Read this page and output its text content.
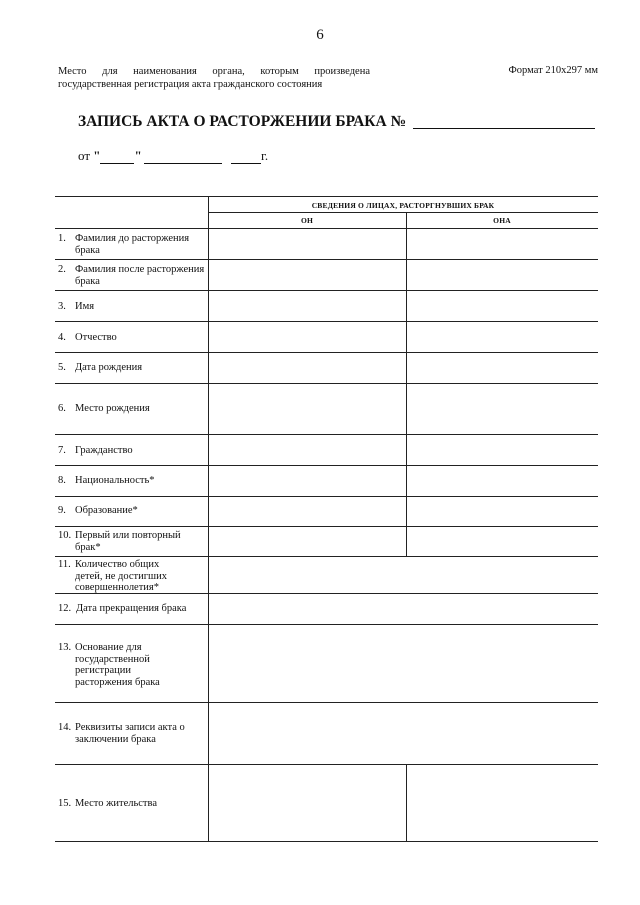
6
Место для наименования органа, которым произведена государственная регистрация акта гражданского состояния
Формат 210х297 мм
ЗАПИСЬ АКТА О РАСТОРЖЕНИИ БРАКА №
от "	"	г.
СВЕДЕНИЯ О ЛИЦАХ, РАСТОРГНУВШИХ БРАК
ОН	ОНА
1. Фамилия до расторжения брака
2. Фамилия после расторжения брака
3. Имя
4. Отчество
5. Дата рождения
6. Место рождения
7. Гражданство
8. Национальность*
9. Образование*
10. Первый или повторный брак*
11. Количество общих детей, не достигших совершеннолетия*
12. Дата прекращения брака
13. Основание для государственной регистрации расторжения брака
14. Реквизиты записи акта о заключении брака
15. Место жительства
